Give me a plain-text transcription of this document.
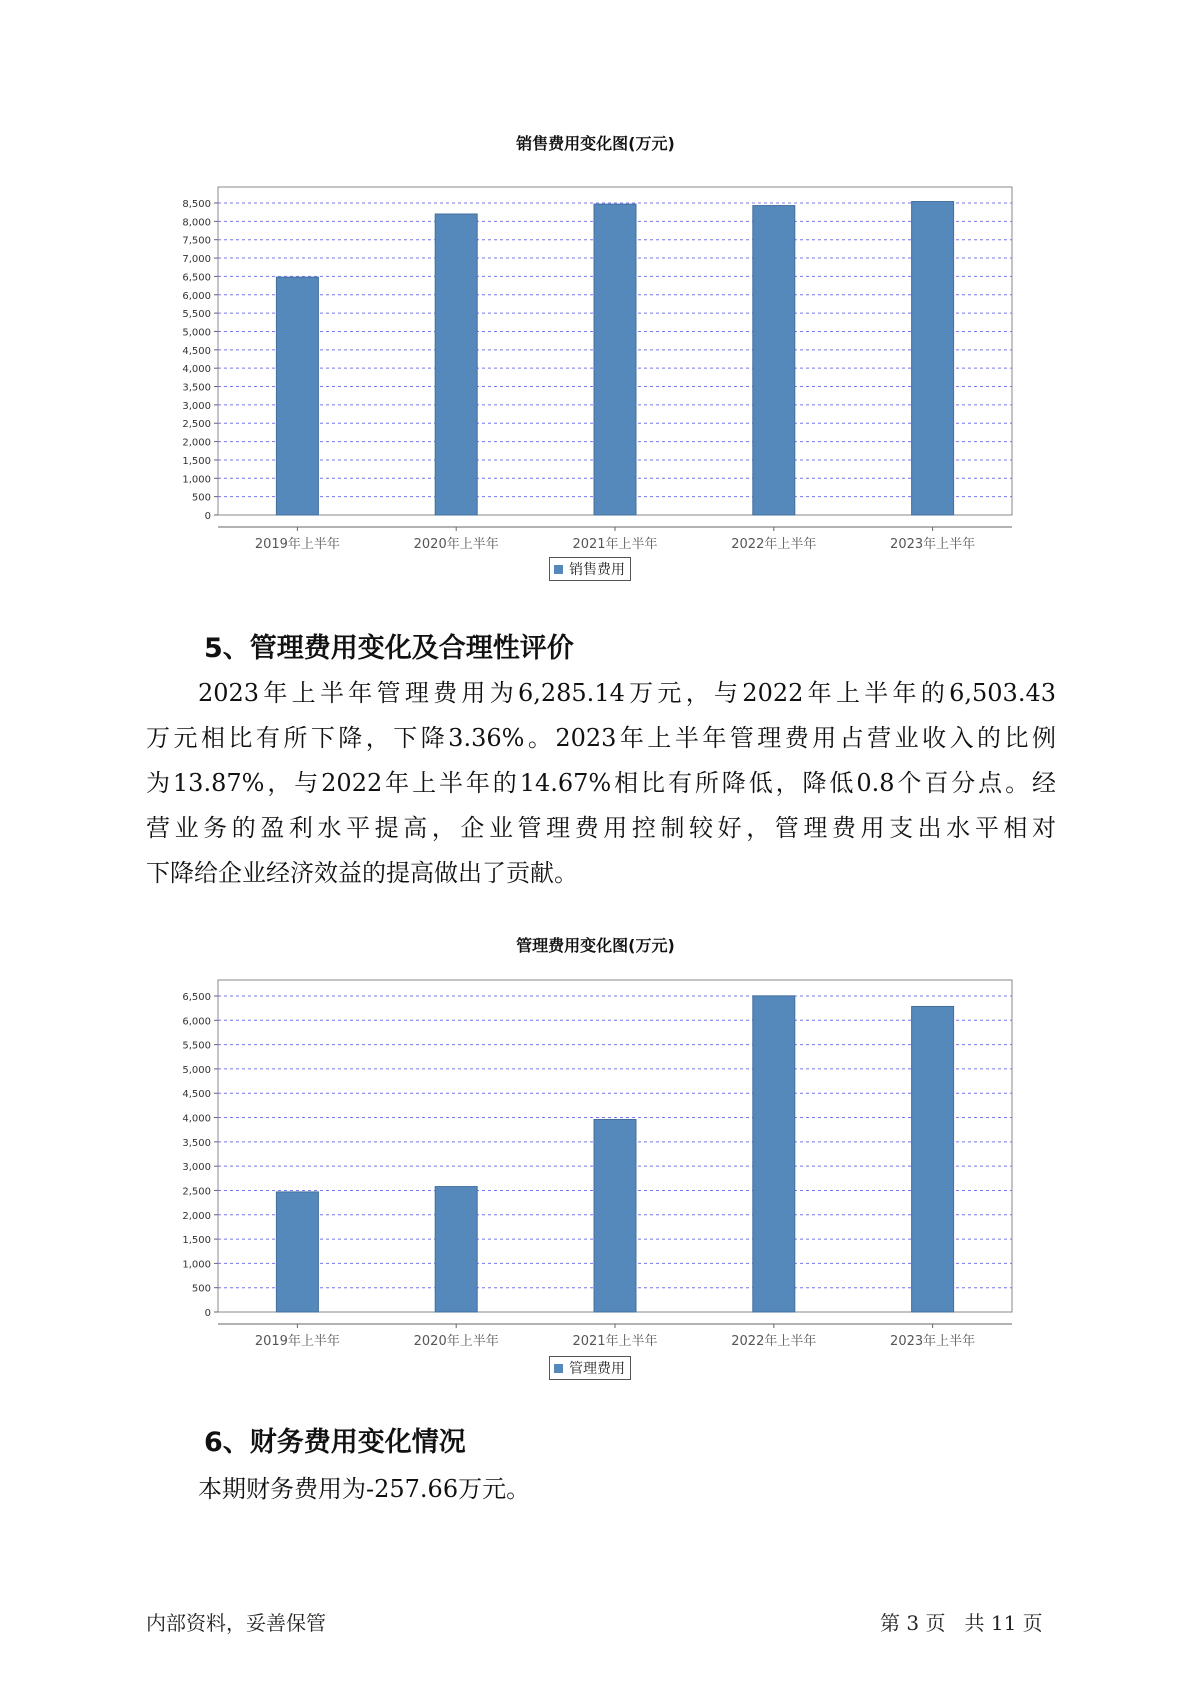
销售费用变化图(万元)
0
500
1,000
1,500
2,000
2,500
3,000
3,500
4,000
4,500
5,000
5,500
6,000
6,500
7,000
7,500
8,000
8,500
2019年上半年	2020年上半年	2021年上半年	2022年上半年	2023年上半年
销售费用
5、管理费用变化及合理性评价
2023年上半年管理费用为6,285.14万元，与2022年上半年的6,503.43
万元相比有所下降，下降3.36%。2023年上半年管理费用占营业收入的比例
为13.87%，与2022年上半年的14.67%相比有所降低，降低0.8个百分点。经
营业务的盈利水平提高，企业管理费用控制较好，管理费用支出水平相对
下降给企业经济效益的提高做出了贡献。
管理费用变化图(万元)
0
500
1,000
1,500
2,000
2,500
3,000
3,500
4,000
4,500
5,000
5,500
6,000
6,500
2019年上半年	2020年上半年	2021年上半年	2022年上半年	2023年上半年
管理费用
6、财务费用变化情况
本期财务费用为-257.66万元。
内部资料，妥善保管	第 3 页   共 11 页
